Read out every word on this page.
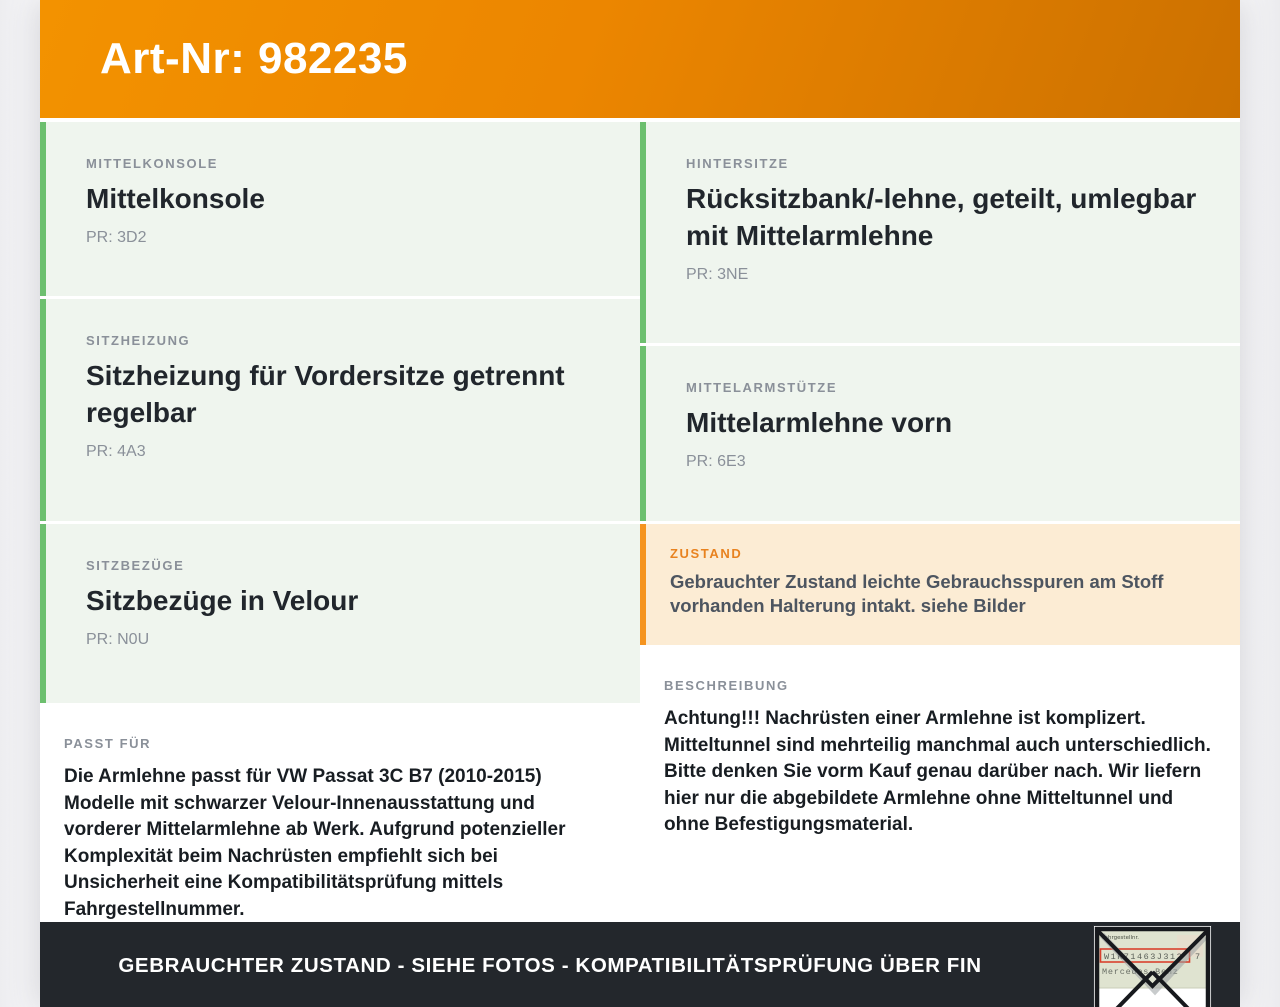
Art-Nr: 982235
MITTELKONSOLE
Mittelkonsole
PR: 3D2
SITZHEIZUNG
Sitzheizung für Vordersitze getrennt regelbar
PR: 4A3
SITZBEZÜGE
Sitzbezüge in Velour
PR: N0U
PASST FÜR

Die Armlehne passt für VW Passat 3C B7 (2010-2015) Modelle mit schwarzer Velour-Innenausstattung und vorderer Mittelarmlehne ab Werk. Aufgrund potenzieller Komplexität beim Nachrüsten empfiehlt sich bei Unsicherheit eine Kompatibilitätsprüfung mittels Fahrgestellnummer.

HINTERSITZE
Rücksitzbank/-lehne, geteilt, umlegbar mit Mittelarmlehne
PR: 3NE
MITTELARMSTÜTZE
Mittelarmlehne vorn
PR: 6E3
ZUSTAND

Gebrauchter Zustand leichte Gebrauchsspuren am Stoff vorhanden Halterung intakt. siehe Bilder

BESCHREIBUNG

Achtung!!! Nachrüsten einer Armlehne ist komplizert. Mitteltunnel sind mehrteilig manchmal auch unterschiedlich. Bitte denken Sie vorm Kauf genau darüber nach. Wir liefern hier nur die abgebildete Armlehne ohne Mitteltunnel und ohne Befestigungsmaterial.

GEBRAUCHTER ZUSTAND - SIEHE FOTOS - KOMPATIBILITÄTSPRÜFUNG ÜBER FIN
Fahrgestellnr.
W1K71463J312 7
Mercedes-Benz
